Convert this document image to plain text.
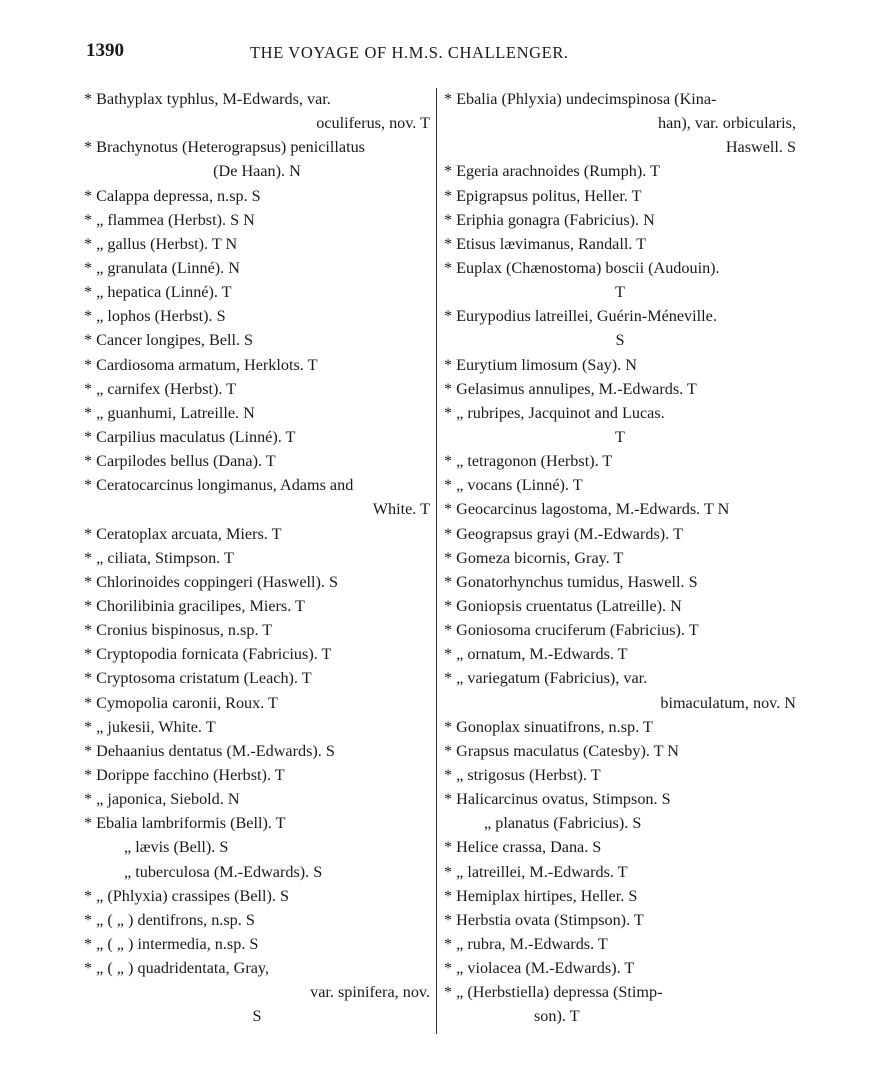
1390	THE VOYAGE OF H.M.S. CHALLENGER.
* Bathyplax typhlus, M-Edwards, var.
oculiferus, nov. T
* Brachynotus (Heterograpsus) penicillatus
(De Haan). N
* Calappa depressa, n.sp. S
* „ flammea (Herbst). S N
* „ gallus (Herbst). T N
* „ granulata (Linné). N
* „ hepatica (Linné). T
* „ lophos (Herbst). S
* Cancer longipes, Bell. S
* Cardiosoma armatum, Herklots. T
* „ carnifex (Herbst). T
* „ guanhumi, Latreille. N
* Carpilius maculatus (Linné). T
* Carpilodes bellus (Dana). T
* Ceratocarcinus longimanus, Adams and
White. T
* Ceratoplax arcuata, Miers. T
* „ ciliata, Stimpson. T
* Chlorinoides coppingeri (Haswell). S
* Chorilibinia gracilipes, Miers. T
* Cronius bispinosus, n.sp. T
* Cryptopodia fornicata (Fabricius). T
* Cryptosoma cristatum (Leach). T
* Cymopolia caronii, Roux. T
* „ jukesii, White. T
* Dehaanius dentatus (M.-Edwards). S
* Dorippe facchino (Herbst). T
* „ japonica, Siebold. N
* Ebalia lambriformis (Bell). T
„ lævis (Bell). S
„ tuberculosa (M.-Edwards). S
* „ (Phlyxia) crassipes (Bell). S
* „ ( „ ) dentifrons, n.sp. S
* „ ( „ ) intermedia, n.sp. S
* „ ( „ ) quadridentata, Gray,
var. spinifera, nov.
S
* Ebalia (Phlyxia) undecimspinosa (Kina-
han), var. orbicularis,
Haswell. S
* Egeria arachnoides (Rumph). T
* Epigrapsus politus, Heller. T
* Eriphia gonagra (Fabricius). N
* Etisus lævimanus, Randall. T
* Euplax (Chænostoma) boscii (Audouin).
T
* Eurypodius latreillei, Guérin-Méneville.
S
* Eurytium limosum (Say). N
* Gelasimus annulipes, M.-Edwards. T
* „ rubripes, Jacquinot and Lucas.
T
* „ tetragonon (Herbst). T
* „ vocans (Linné). T
* Geocarcinus lagostoma, M.-Edwards. T N
* Geograpsus grayi (M.-Edwards). T
* Gomeza bicornis, Gray. T
* Gonatorhynchus tumidus, Haswell. S
* Goniopsis cruentatus (Latreille). N
* Goniosoma cruciferum (Fabricius). T
* „ ornatum, M.-Edwards. T
* „ variegatum (Fabricius), var.
bimaculatum, nov. N
* Gonoplax sinuatifrons, n.sp. T
* Grapsus maculatus (Catesby). T N
* „ strigosus (Herbst). T
* Halicarcinus ovatus, Stimpson. S
„ planatus (Fabricius). S
* Helice crassa, Dana. S
* „ latreillei, M.-Edwards. T
* Hemiplax hirtipes, Heller. S
* Herbstia ovata (Stimpson). T
* „ rubra, M.-Edwards. T
* „ violacea (M.-Edwards). T
* „ (Herbstiella) depressa (Stimp-
son). T
